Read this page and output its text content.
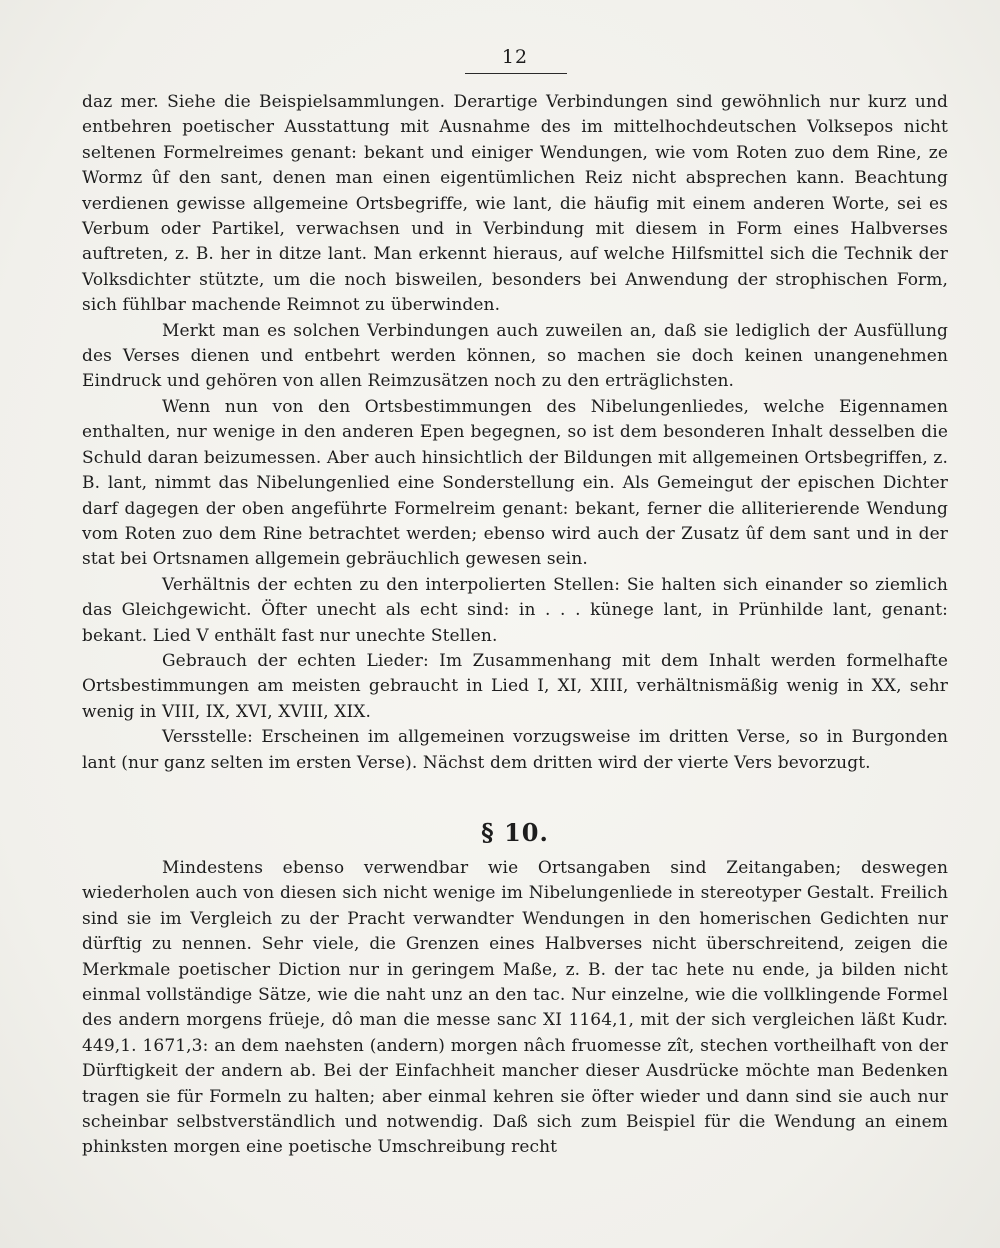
12

daz mer. Siehe die Beispielsammlungen. Derartige Verbindungen sind gewöhnlich nur kurz und entbehren poetischer Ausstattung mit Ausnahme des im mittelhochdeutschen Volksepos nicht seltenen Formelreimes genant: bekant und einiger Wendungen, wie vom Roten zuo dem Rine, ze Wormz ûf den sant, denen man einen eigentümlichen Reiz nicht absprechen kann. Beachtung verdienen gewisse allgemeine Ortsbegriffe, wie lant, die häufig mit einem anderen Worte, sei es Verbum oder Partikel, verwachsen und in Verbindung mit diesem in Form eines Halbverses auftreten, z. B. her in ditze lant. Man erkennt hieraus, auf welche Hilfsmittel sich die Technik der Volksdichter stützte, um die noch bisweilen, besonders bei Anwendung der strophischen Form, sich fühlbar machende Reimnot zu überwinden.

Merkt man es solchen Verbindungen auch zuweilen an, daß sie lediglich der Ausfüllung des Verses dienen und entbehrt werden können, so machen sie doch keinen unangenehmen Eindruck und gehören von allen Reimzusätzen noch zu den erträglichsten.

Wenn nun von den Ortsbestimmungen des Nibelungenliedes, welche Eigennamen enthalten, nur wenige in den anderen Epen begegnen, so ist dem besonderen Inhalt desselben die Schuld daran beizumessen. Aber auch hinsichtlich der Bildungen mit allgemeinen Ortsbegriffen, z. B. lant, nimmt das Nibelungenlied eine Sonderstellung ein. Als Gemeingut der epischen Dichter darf dagegen der oben angeführte Formelreim genant: bekant, ferner die alliterierende Wendung vom Roten zuo dem Rine betrachtet werden; ebenso wird auch der Zusatz ûf dem sant und in der stat bei Ortsnamen allgemein gebräuchlich gewesen sein.

Verhältnis der echten zu den interpolierten Stellen: Sie halten sich einander so ziemlich das Gleichgewicht. Öfter unecht als echt sind: in . . . künege lant, in Prünhilde lant, genant: bekant. Lied V enthält fast nur unechte Stellen.

Gebrauch der echten Lieder: Im Zusammenhang mit dem Inhalt werden formelhafte Ortsbestimmungen am meisten gebraucht in Lied I, XI, XIII, verhältnismäßig wenig in XX, sehr wenig in VIII, IX, XVI, XVIII, XIX.

Versstelle: Erscheinen im allgemeinen vorzugsweise im dritten Verse, so in Burgonden lant (nur ganz selten im ersten Verse). Nächst dem dritten wird der vierte Vers bevorzugt.

§ 10.

Mindestens ebenso verwendbar wie Ortsangaben sind Zeitangaben; deswegen wiederholen auch von diesen sich nicht wenige im Nibelungenliede in stereotyper Gestalt. Freilich sind sie im Vergleich zu der Pracht verwandter Wendungen in den homerischen Gedichten nur dürftig zu nennen. Sehr viele, die Grenzen eines Halbverses nicht überschreitend, zeigen die Merkmale poetischer Diction nur in geringem Maße, z. B. der tac hete nu ende, ja bilden nicht einmal vollständige Sätze, wie die naht unz an den tac. Nur einzelne, wie die vollklingende Formel des andern morgens früeje, dô man die messe sanc XI 1164,1, mit der sich vergleichen läßt Kudr. 449,1. 1671,3: an dem naehsten (andern) morgen nâch fruomesse zît, stechen vortheilhaft von der Dürftigkeit der andern ab. Bei der Einfachheit mancher dieser Ausdrücke möchte man Bedenken tragen sie für Formeln zu halten; aber einmal kehren sie öfter wieder und dann sind sie auch nur scheinbar selbstverständlich und notwendig. Daß sich zum Beispiel für die Wendung an einem phinksten morgen eine poetische Umschreibung recht
